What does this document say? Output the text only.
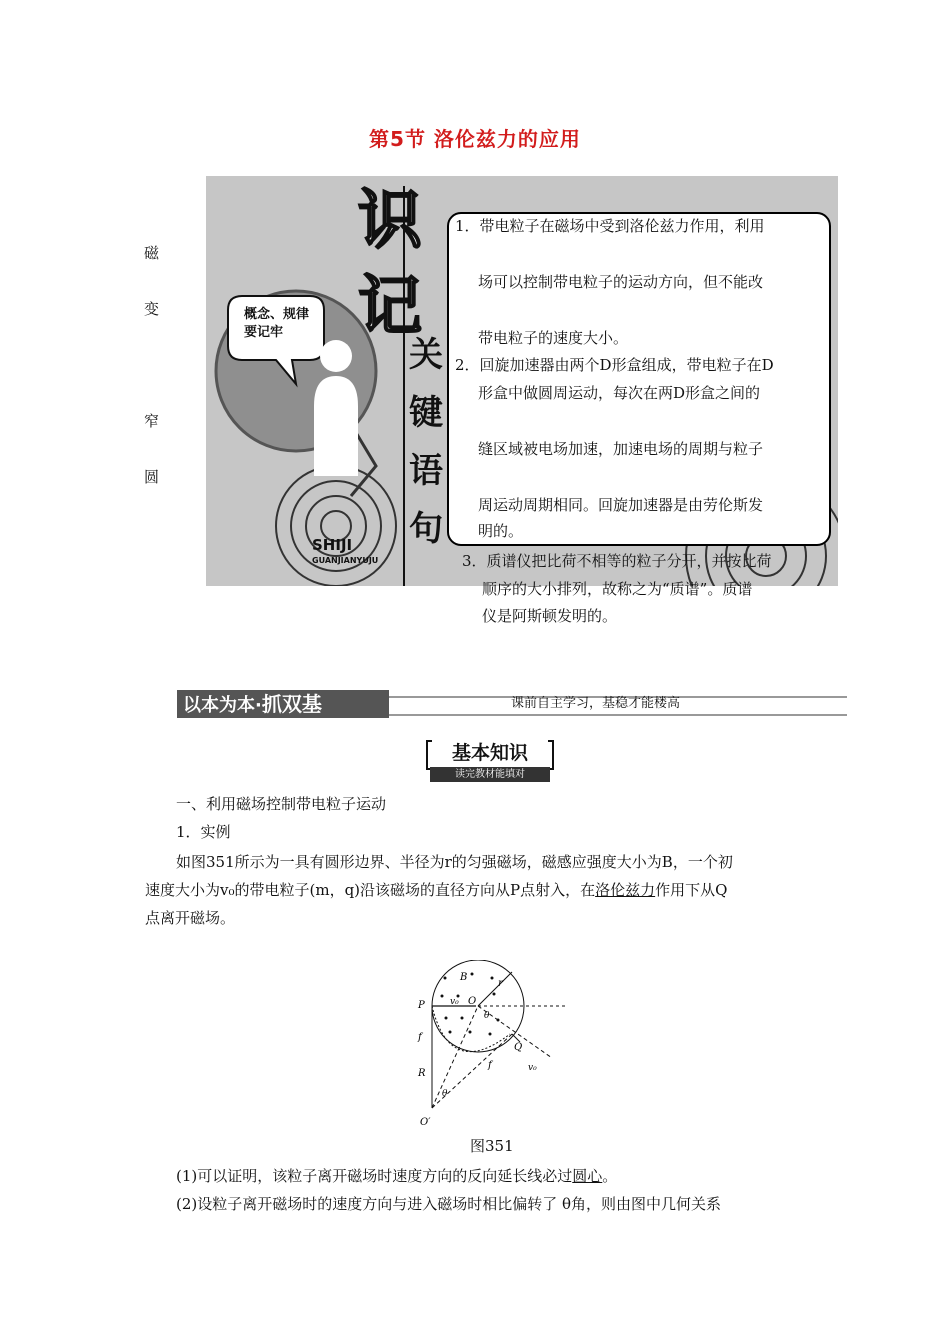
第5节 洛伦兹力的应用
磁
变
窄
圆
概念、规律
要记牢
识
记
关
键
语
句
SHIJI
GUANJIANYUJU
1．带电粒子在磁场中受到洛伦兹力作用，利用
场可以控制带电粒子的运动方向，但不能改
带电粒子的速度大小。
2．回旋加速器由两个D形盒组成，带电粒子在D
形盒中做圆周运动，每次在两D形盒之间的
缝区域被电场加速，加速电场的周期与粒子
周运动周期相同。回旋加速器是由劳伦斯发
明的。
3．质谱仪把比荷不相等的粒子分开，并按比荷
顺序的大小排列，故称之为“质谱”。质谱
仪是阿斯顿发明的。
以本为本·抓双基	课前自主学习，基稳才能楼高
基本知识
读完教材能填对
一、利用磁场控制带电粒子运动
1．实例
如图351所示为一具有圆形边界、半径为r的匀强磁场，磁感应强度大小为B，一个初
速度大小为v₀的带电粒子(m，q)沿该磁场的直径方向从P点射入，在洛伦兹力作用下从Q
点离开磁场。
B
r
P	v₀ O
θ
f
Q
v₀
f
R
θ
O′
图351
(1)可以证明，该粒子离开磁场时速度方向的反向延长线必过圆心。
(2)设粒子离开磁场时的速度方向与进入磁场时相比偏转了 θ角，则由图中几何关系
